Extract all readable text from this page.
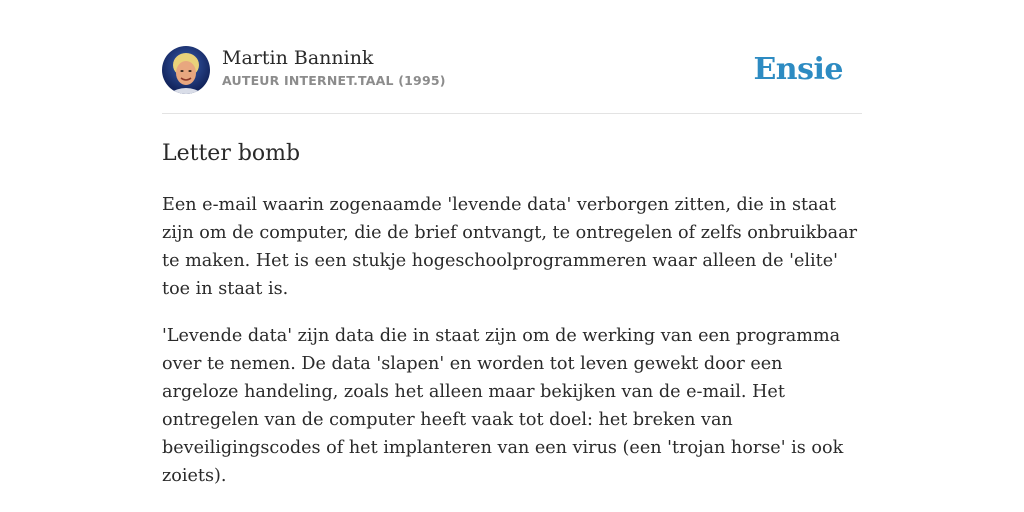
Martin Bannink
AUTEUR INTERNET.TAAL (1995)	Ensie
Letter bomb

Een e-mail waarin zogenaamde 'levende data' verborgen zitten, die in staat zijn om de computer, die de brief ontvangt, te ontregelen of zelfs onbruikbaar te maken. Het is een stukje hogeschoolprogrammeren waar alleen de 'elite' toe in staat is.

'Levende data' zijn data die in staat zijn om de werking van een programma over te nemen. De data 'slapen' en worden tot leven gewekt door een argeloze handeling, zoals het alleen maar bekijken van de e-mail. Het ontregelen van de computer heeft vaak tot doel: het breken van beveiligingscodes of het implanteren van een virus (een 'trojan horse' is ook zoiets).
